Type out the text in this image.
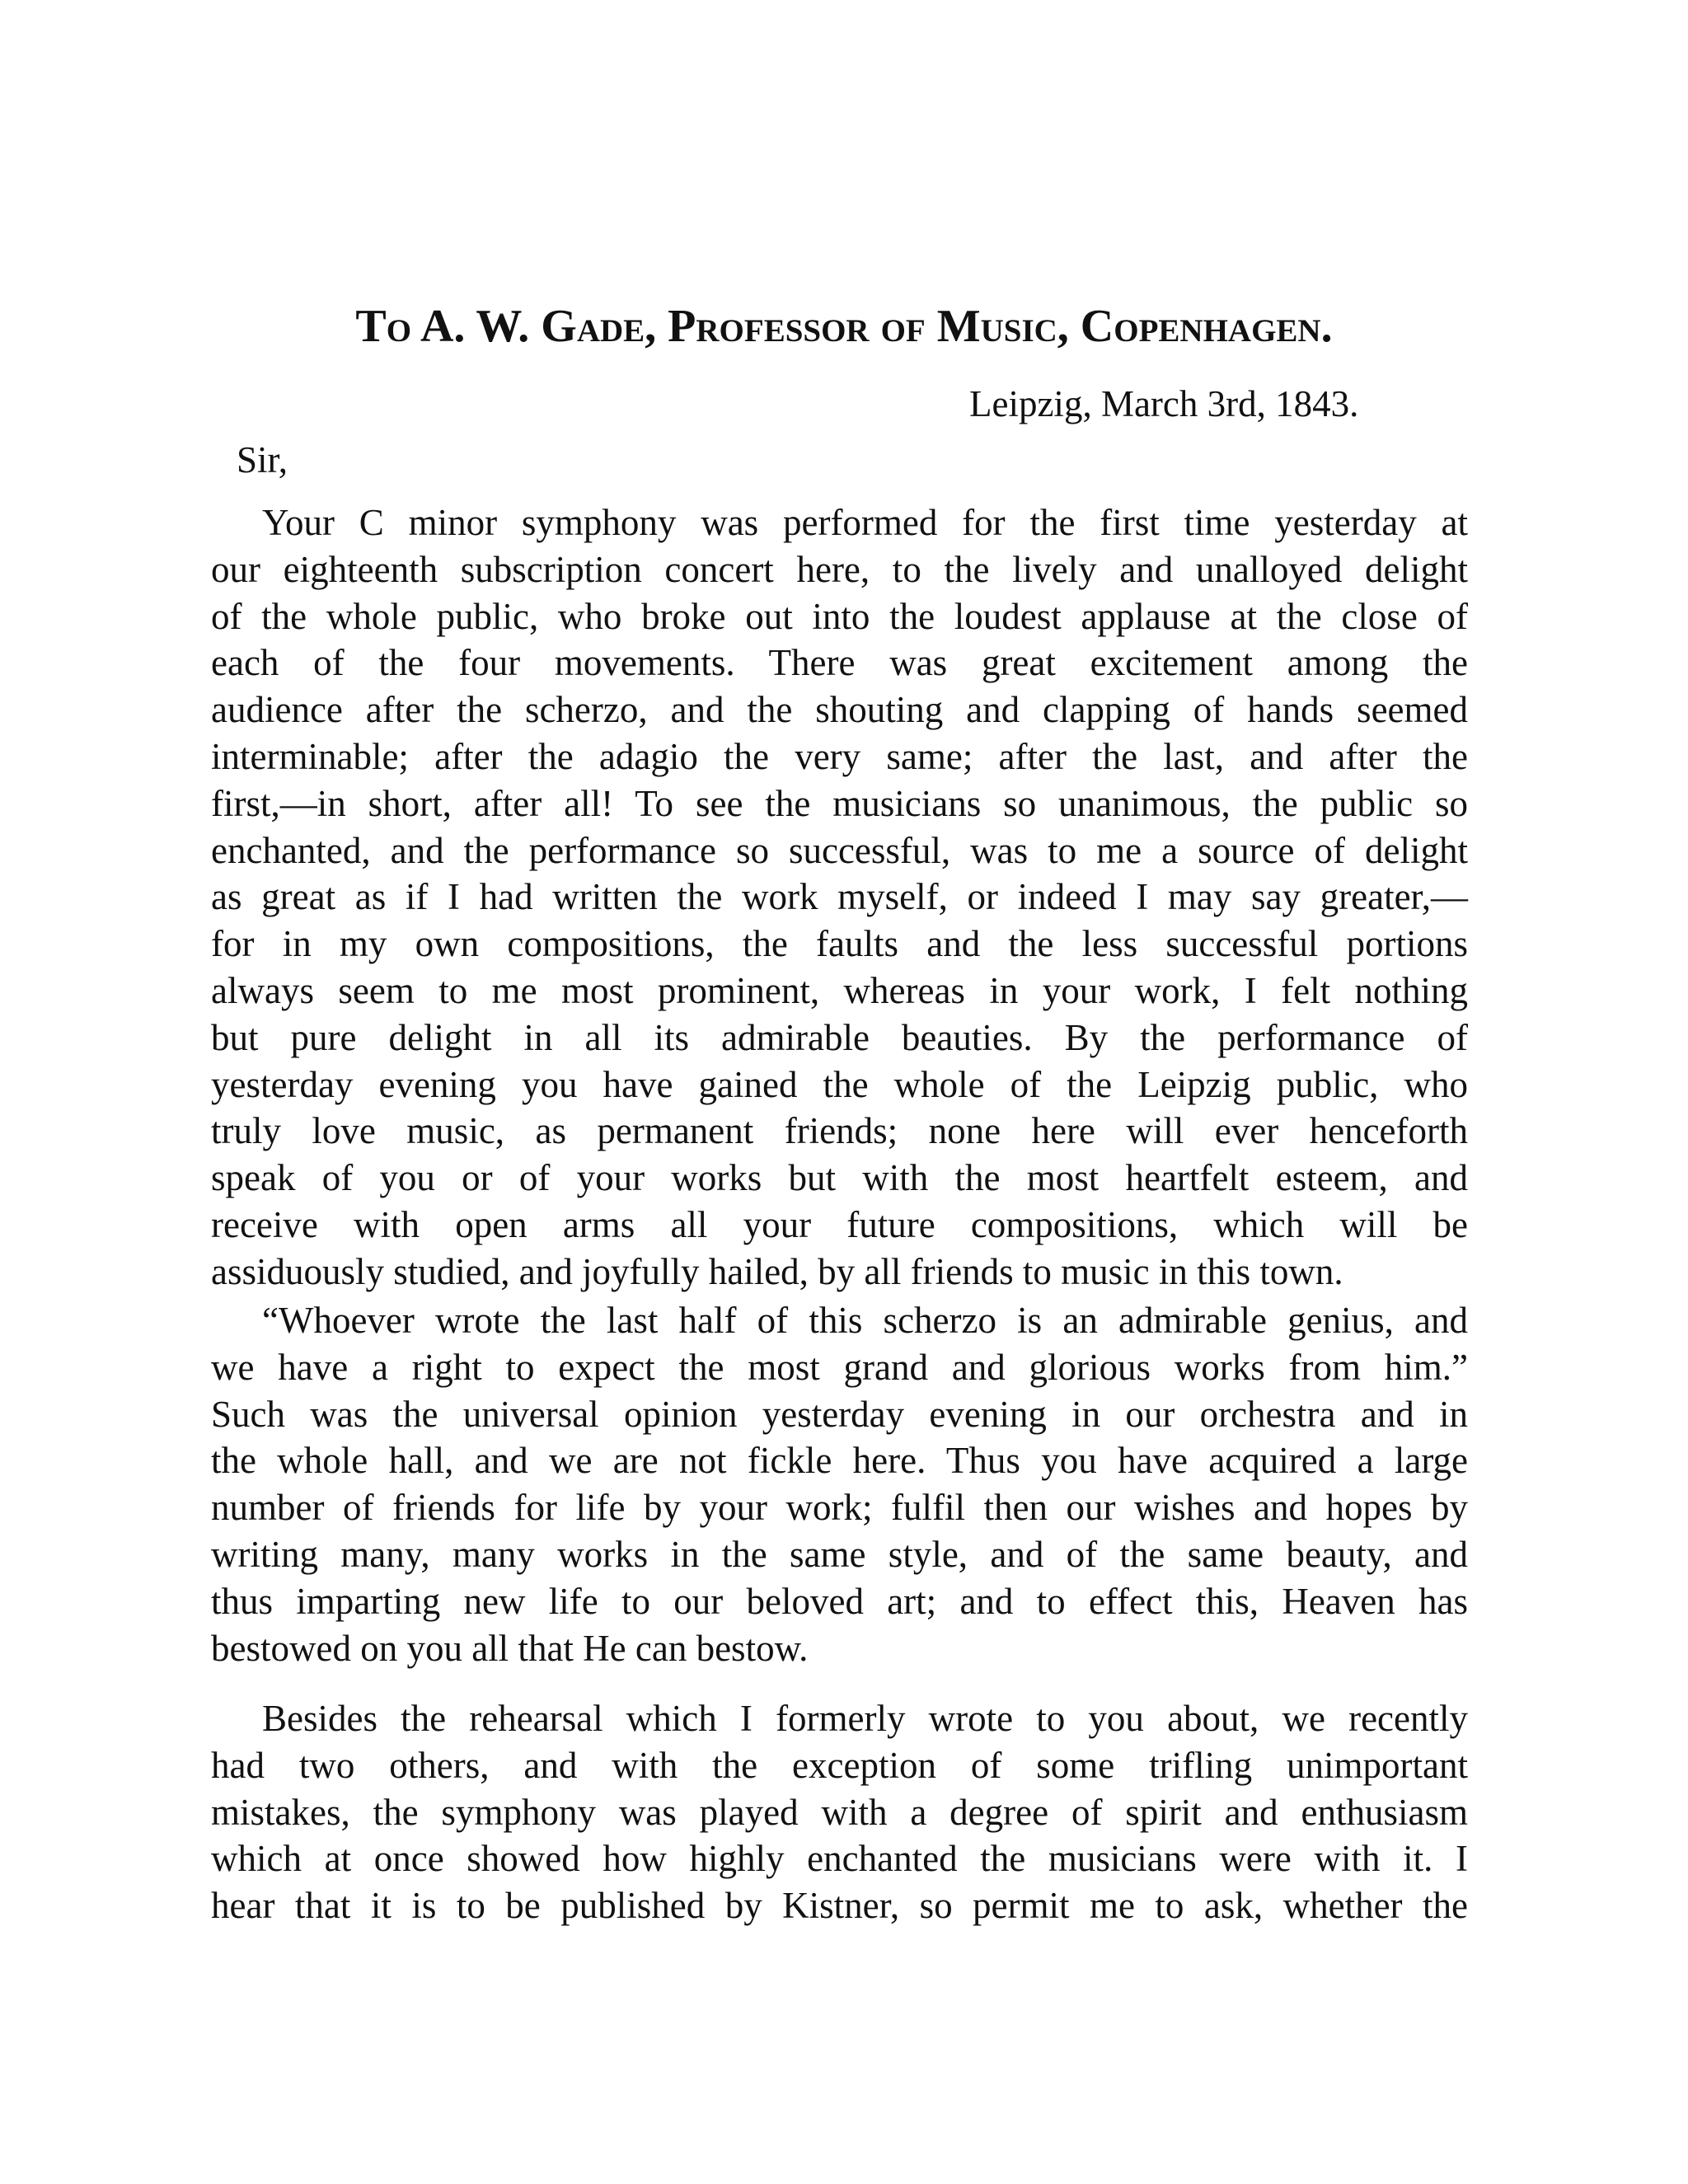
To A. W. Gade, Professor of Music, Copenhagen.

Leipzig, March 3rd, 1843.

Sir,

Your C minor symphony was performed for the first time yesterday at
our eighteenth subscription concert here, to the lively and unalloyed delight
of the whole public, who broke out into the loudest applause at the close of
each of the four movements. There was great excitement among the
audience after the scherzo, and the shouting and clapping of hands seemed
interminable; after the adagio the very same; after the last, and after the
first,—in short, after all! To see the musicians so unanimous, the public so
enchanted, and the performance so successful, was to me a source of delight
as great as if I had written the work myself, or indeed I may say greater,—
for in my own compositions, the faults and the less successful portions
always seem to me most prominent, whereas in your work, I felt nothing
but pure delight in all its admirable beauties. By the performance of
yesterday evening you have gained the whole of the Leipzig public, who
truly love music, as permanent friends; none here will ever henceforth
speak of you or of your works but with the most heartfelt esteem, and
receive with open arms all your future compositions, which will be
assiduously studied, and joyfully hailed, by all friends to music in this town.
“Whoever wrote the last half of this scherzo is an admirable genius, and
we have a right to expect the most grand and glorious works from him.”
Such was the universal opinion yesterday evening in our orchestra and in
the whole hall, and we are not fickle here. Thus you have acquired a large
number of friends for life by your work; fulfil then our wishes and hopes by
writing many, many works in the same style, and of the same beauty, and
thus imparting new life to our beloved art; and to effect this, Heaven has
bestowed on you all that He can bestow.
Besides the rehearsal which I formerly wrote to you about, we recently
had two others, and with the exception of some trifling unimportant
mistakes, the symphony was played with a degree of spirit and enthusiasm
which at once showed how highly enchanted the musicians were with it. I
hear that it is to be published by Kistner, so permit me to ask, whether the
